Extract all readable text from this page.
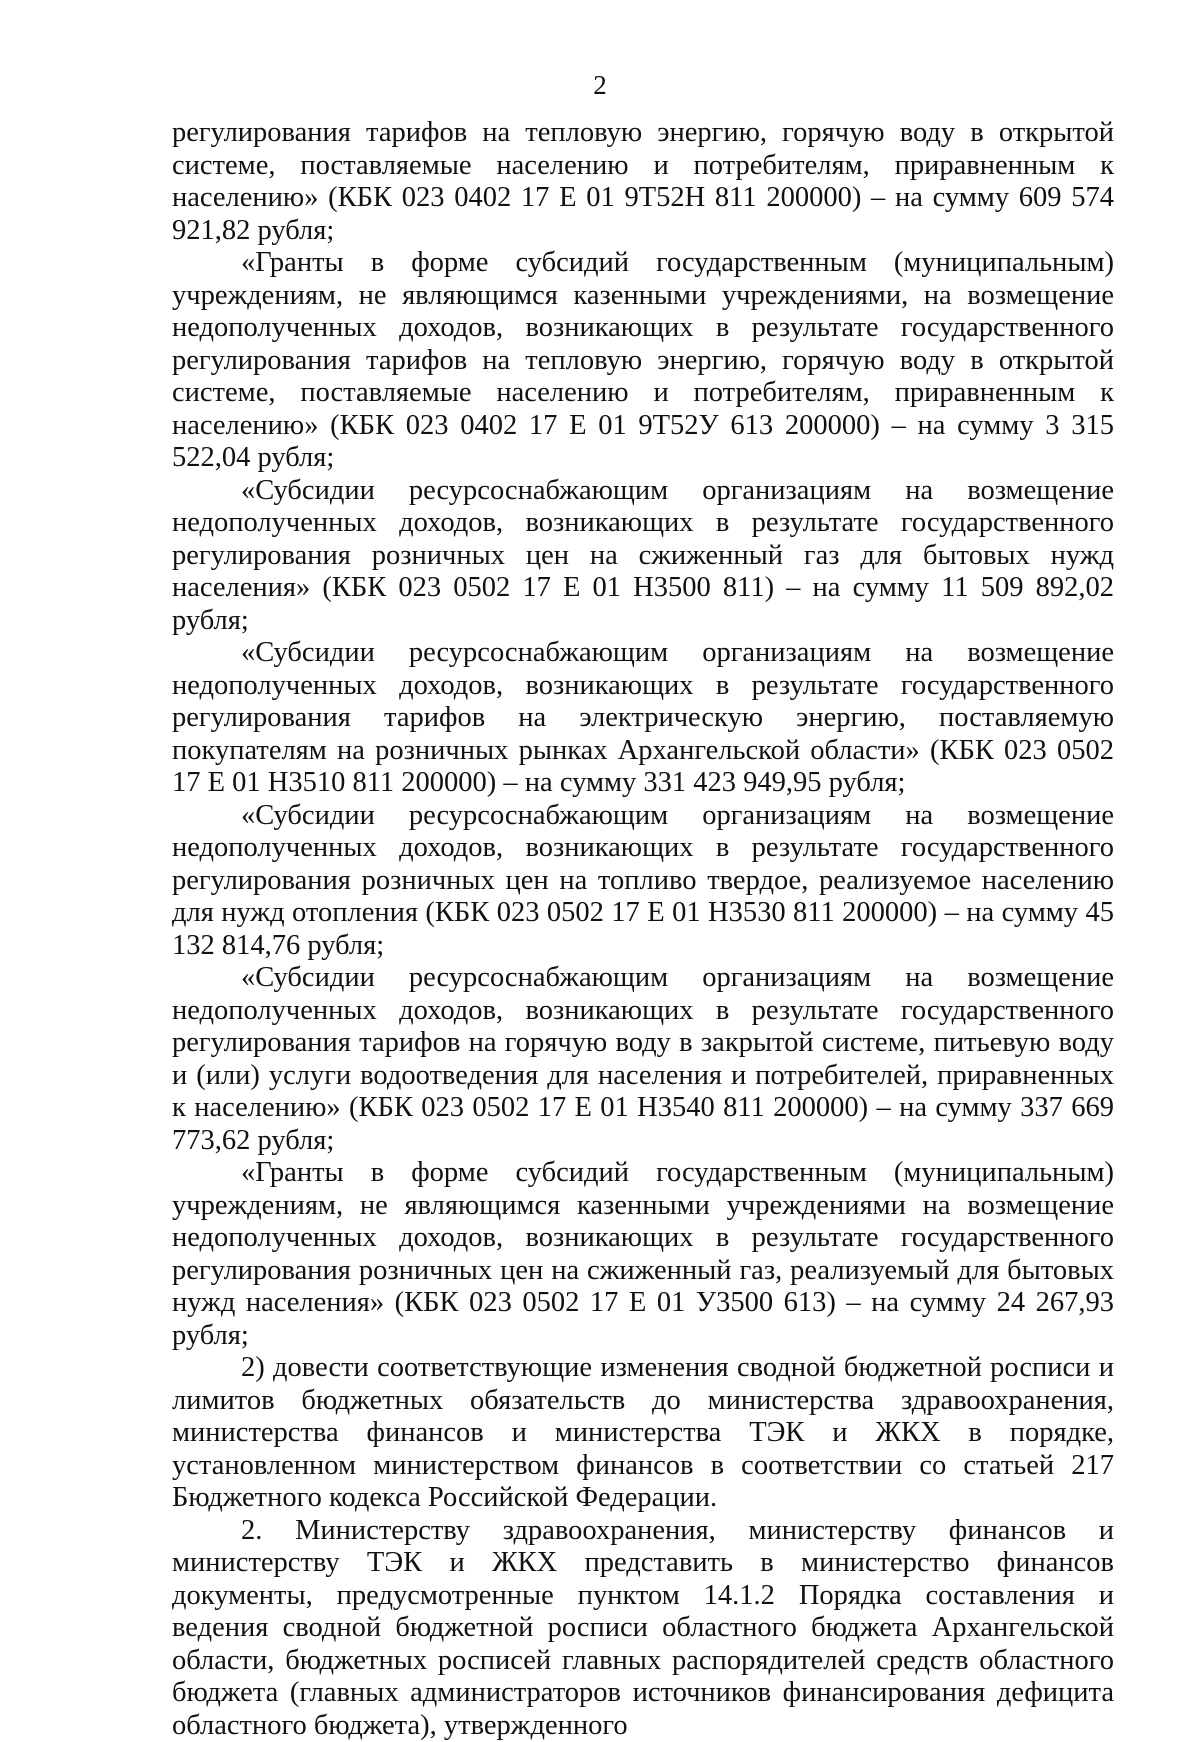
2

регулирования тарифов на тепловую энергию, горячую воду в открытой системе, поставляемые населению и потребителям, приравненным к населению» (КБК 023 0402 17 Е 01 9Т52Н 811 200000) – на сумму 609 574 921,82 рубля;

«Гранты в форме субсидий государственным (муниципальным) учреждениям, не являющимся казенными учреждениями, на возмещение недополученных доходов, возникающих в результате государственного регулирования тарифов на тепловую энергию, горячую воду в открытой системе, поставляемые населению и потребителям, приравненным к населению» (КБК 023 0402 17 Е 01 9Т52У 613 200000) – на сумму 3 315 522,04 рубля;

«Субсидии ресурсоснабжающим организациям на возмещение недополученных доходов, возникающих в результате государственного регулирования розничных цен на сжиженный газ для бытовых нужд населения» (КБК 023 0502 17 Е 01 Н3500 811) – на сумму 11 509 892,02 рубля;

«Субсидии ресурсоснабжающим организациям на возмещение недополученных доходов, возникающих в результате государственного регулирования тарифов на электрическую энергию, поставляемую покупателям на розничных рынках Архангельской области» (КБК 023 0502 17 Е 01 Н3510 811 200000) – на сумму 331 423 949,95 рубля;

«Субсидии ресурсоснабжающим организациям на возмещение недополученных доходов, возникающих в результате государственного регулирования розничных цен на топливо твердое, реализуемое населению для нужд отопления (КБК 023 0502 17 Е 01 Н3530 811 200000) – на сумму 45 132 814,76 рубля;

«Субсидии ресурсоснабжающим организациям на возмещение недополученных доходов, возникающих в результате государственного регулирования тарифов на горячую воду в закрытой системе, питьевую воду и (или) услуги водоотведения для населения и потребителей, приравненных к населению» (КБК 023 0502 17 Е 01 Н3540 811 200000) – на сумму 337 669 773,62 рубля;

«Гранты в форме субсидий государственным (муниципальным) учреждениям, не являющимся казенными учреждениями на возмещение недополученных доходов, возникающих в результате государственного регулирования розничных цен на сжиженный газ, реализуемый для бытовых нужд населения» (КБК 023 0502 17 Е 01 У3500 613) – на сумму 24 267,93 рубля;

2) довести соответствующие изменения сводной бюджетной росписи и лимитов бюджетных обязательств до министерства здравоохранения, министерства финансов и министерства ТЭК и ЖКХ в порядке, установленном министерством финансов в соответствии со статьей 217 Бюджетного кодекса Российской Федерации.

2. Министерству здравоохранения, министерству финансов и министерству ТЭК и ЖКХ представить в министерство финансов документы, предусмотренные пунктом 14.1.2 Порядка составления и ведения сводной бюджетной росписи областного бюджета Архангельской области, бюджетных росписей главных распорядителей средств областного бюджета (главных администраторов источников финансирования дефицита областного бюджета), утвержденного
